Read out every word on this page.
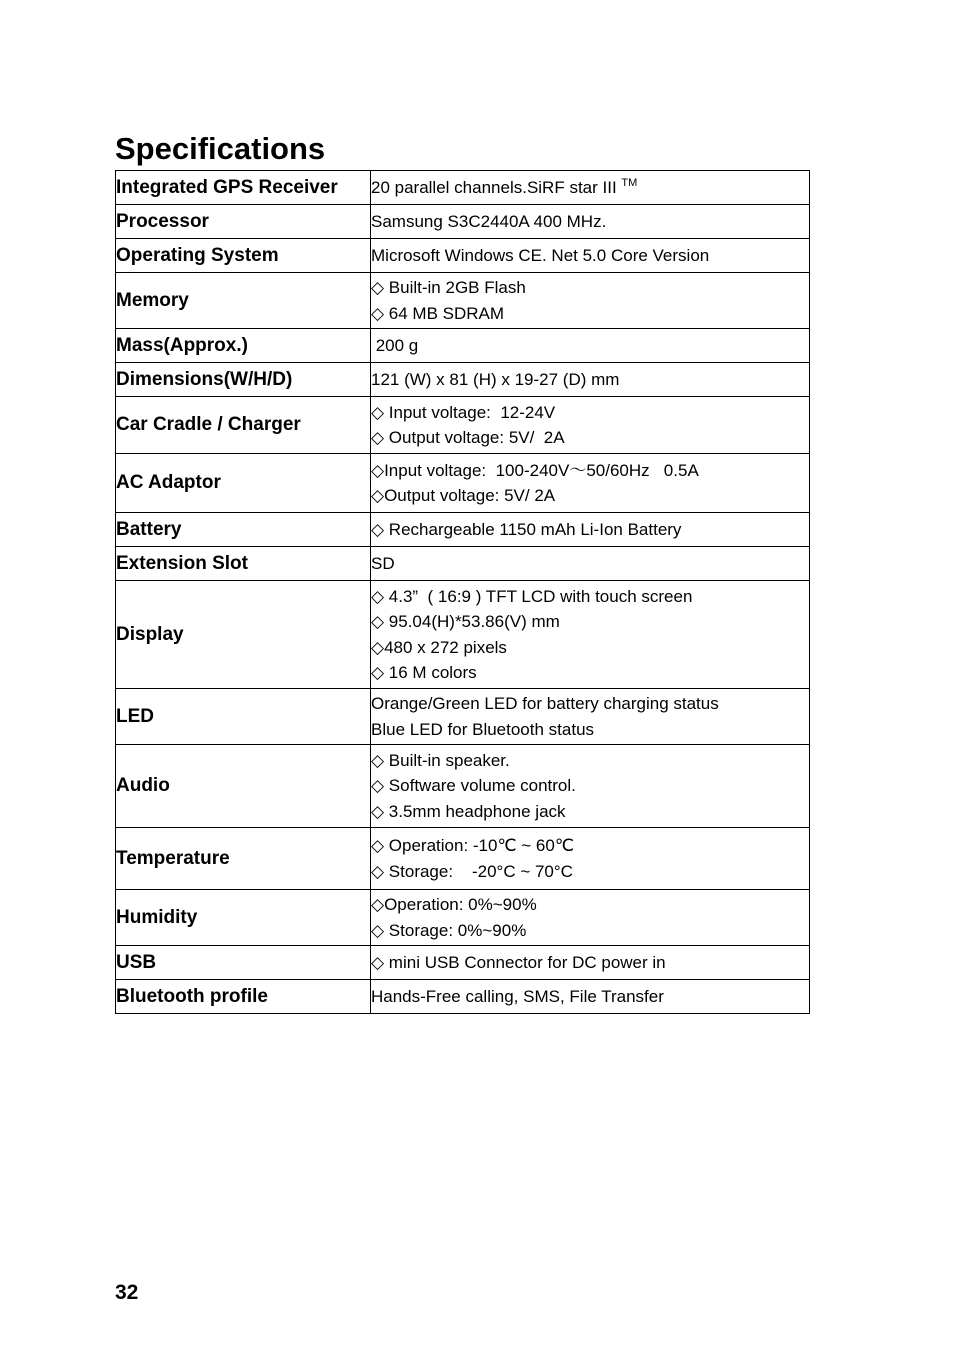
Specifications
Integrated GPS Receiver	20 parallel channels.SiRF star III ™

Processor	Samsung S3C2440A 400 MHz.

Operating System	Microsoft Windows CE. Net 5.0 Core Version

Memory	◇ Built-in 2GB Flash
◇ 64 MB SDRAM

Mass(Approx.)	200 g

Dimensions(W/H/D)	121 (W) x 81 (H) x 19-27 (D) mm

Car Cradle / Charger	◇ Input voltage:  12-24V
◇ Output voltage: 5V/  2A

AC Adaptor	◇Input voltage:  100-240V～50/60Hz   0.5A
◇Output voltage: 5V/ 2A

Battery	◇ Rechargeable 1150 mAh Li-Ion Battery

Extension Slot	SD

Display	◇ 4.3”  ( 16:9 ) TFT LCD with touch screen
◇ 95.04(H)*53.86(V) mm
◇480 x 272 pixels
◇ 16 M colors

LED	Orange/Green LED for battery charging status
Blue LED for Bluetooth status

Audio	◇ Built-in speaker.
◇ Software volume control.
◇ 3.5mm headphone jack

Temperature	◇ Operation: -10℃ ~ 60℃
◇ Storage:    -20°C ~ 70°C

Humidity	◇Operation: 0%~90%
◇ Storage: 0%~90%

USB	◇ mini USB Connector for DC power in

Bluetooth profile	Hands-Free calling, SMS, File Transfer
32
